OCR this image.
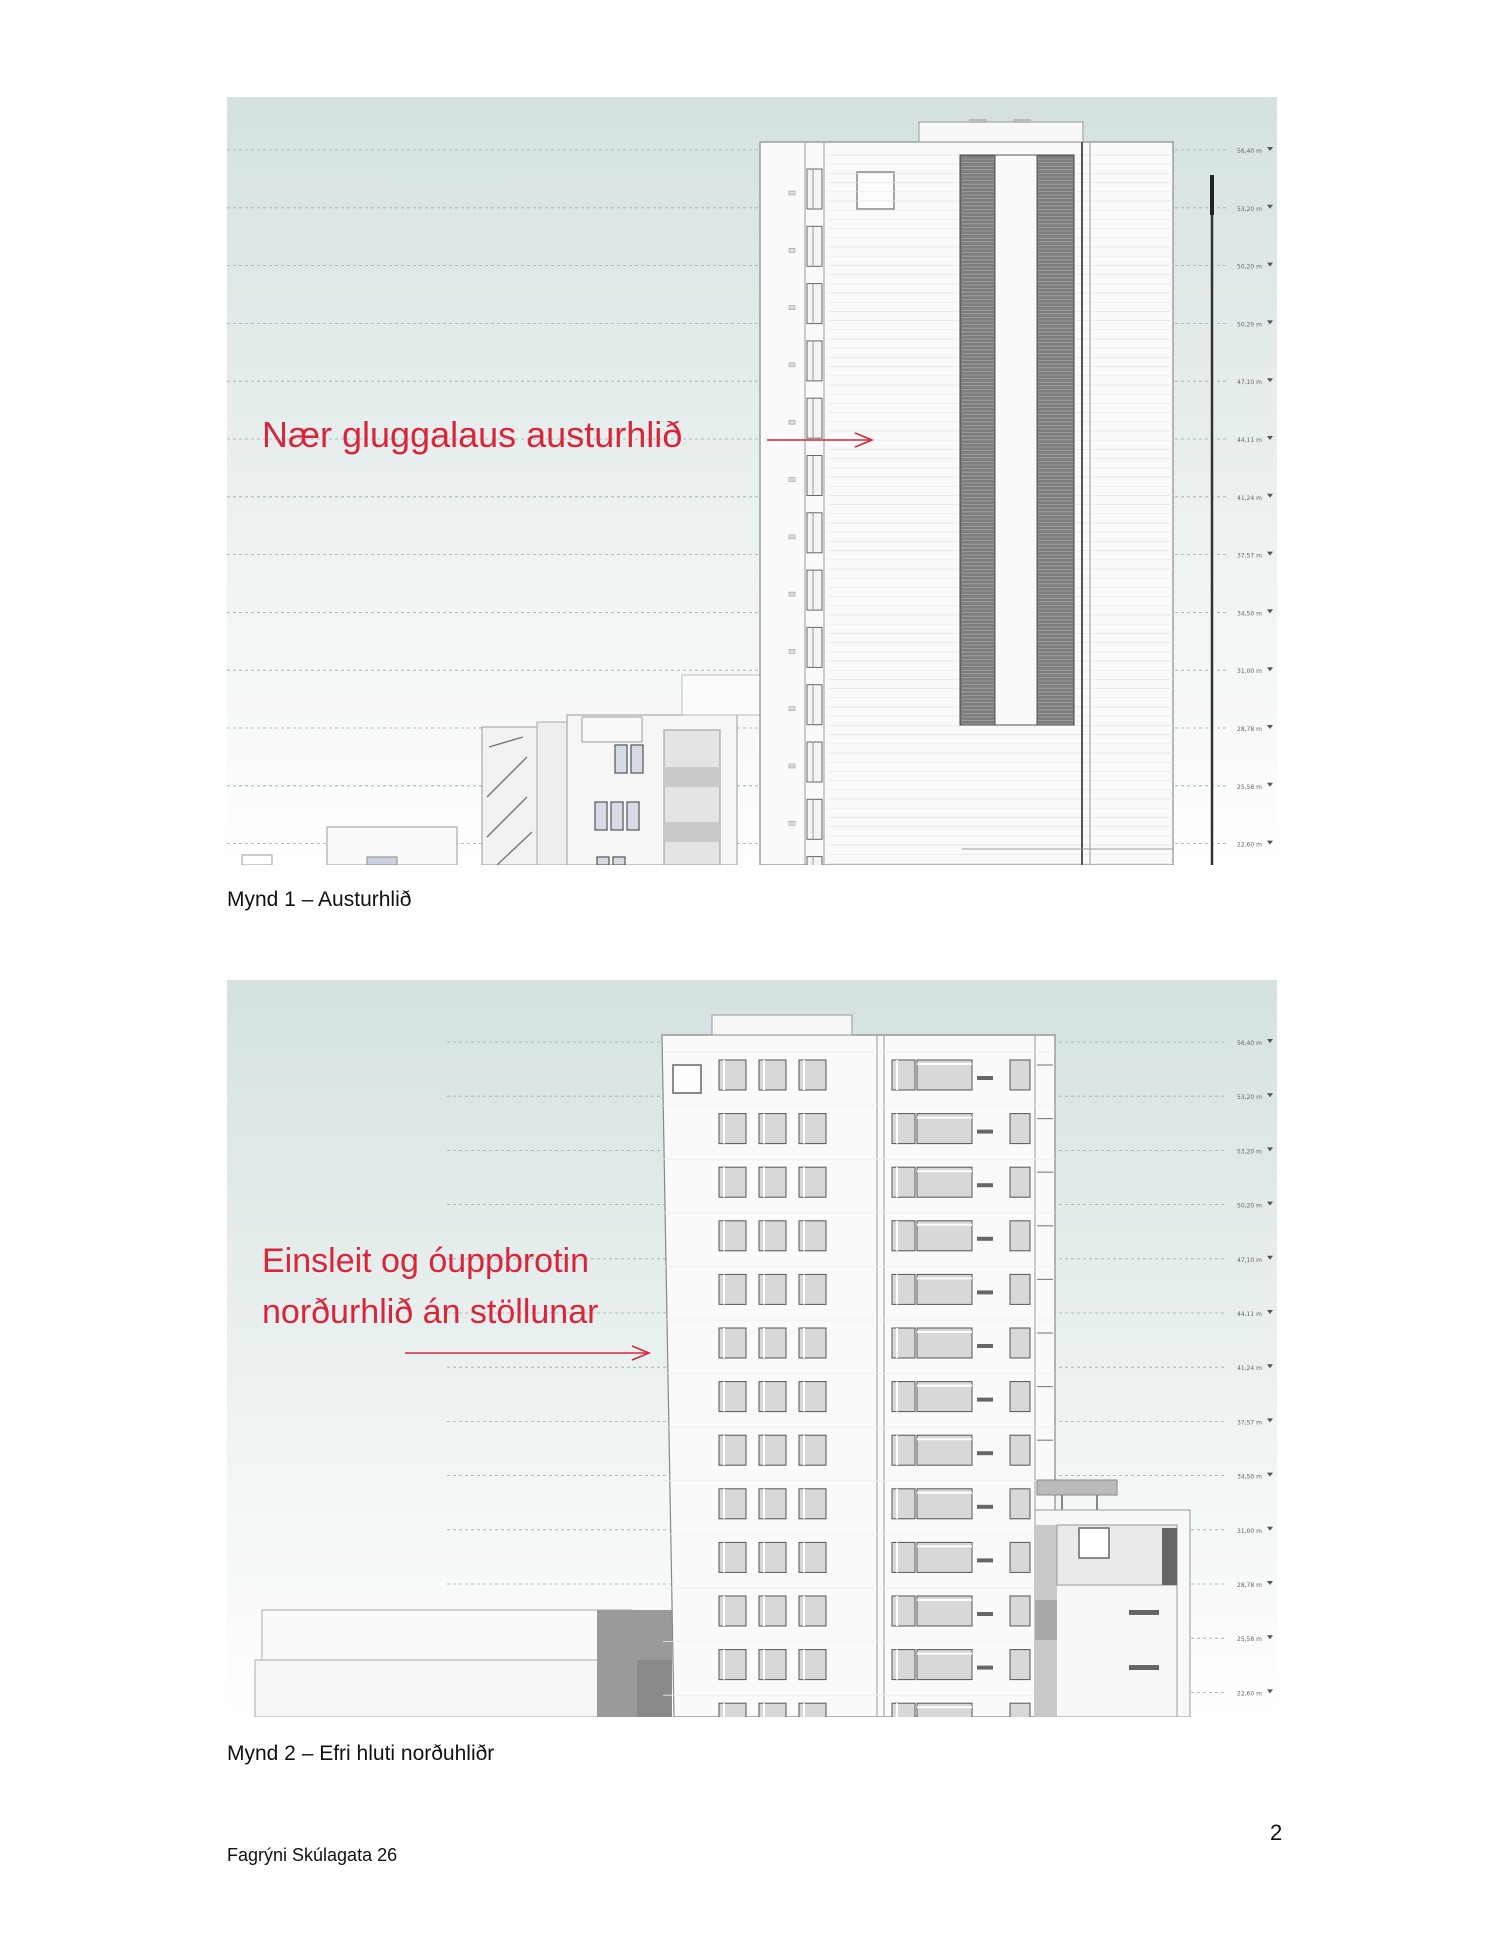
56,40 m
53,20 m
50,20 m
50,20 m
47,10 m
44,11 m
41,24 m
37,57 m
34,50 m
31,00 m
28,78 m
25,58 m
22,60 m
Nær gluggalaus austurhlið
Mynd 1 – Austurhlið
56,40 m
53,20 m
53,20 m
50,20 m
47,10 m
44,11 m
41,24 m
37,57 m
34,50 m
31,00 m
28,78 m
25,58 m
22,60 m
Einsleit og óuppbrotin
norðurhlið án stöllunar
Mynd 2 – Efri hluti norðuhliðr
2
Fagrýni Skúlagata 26
